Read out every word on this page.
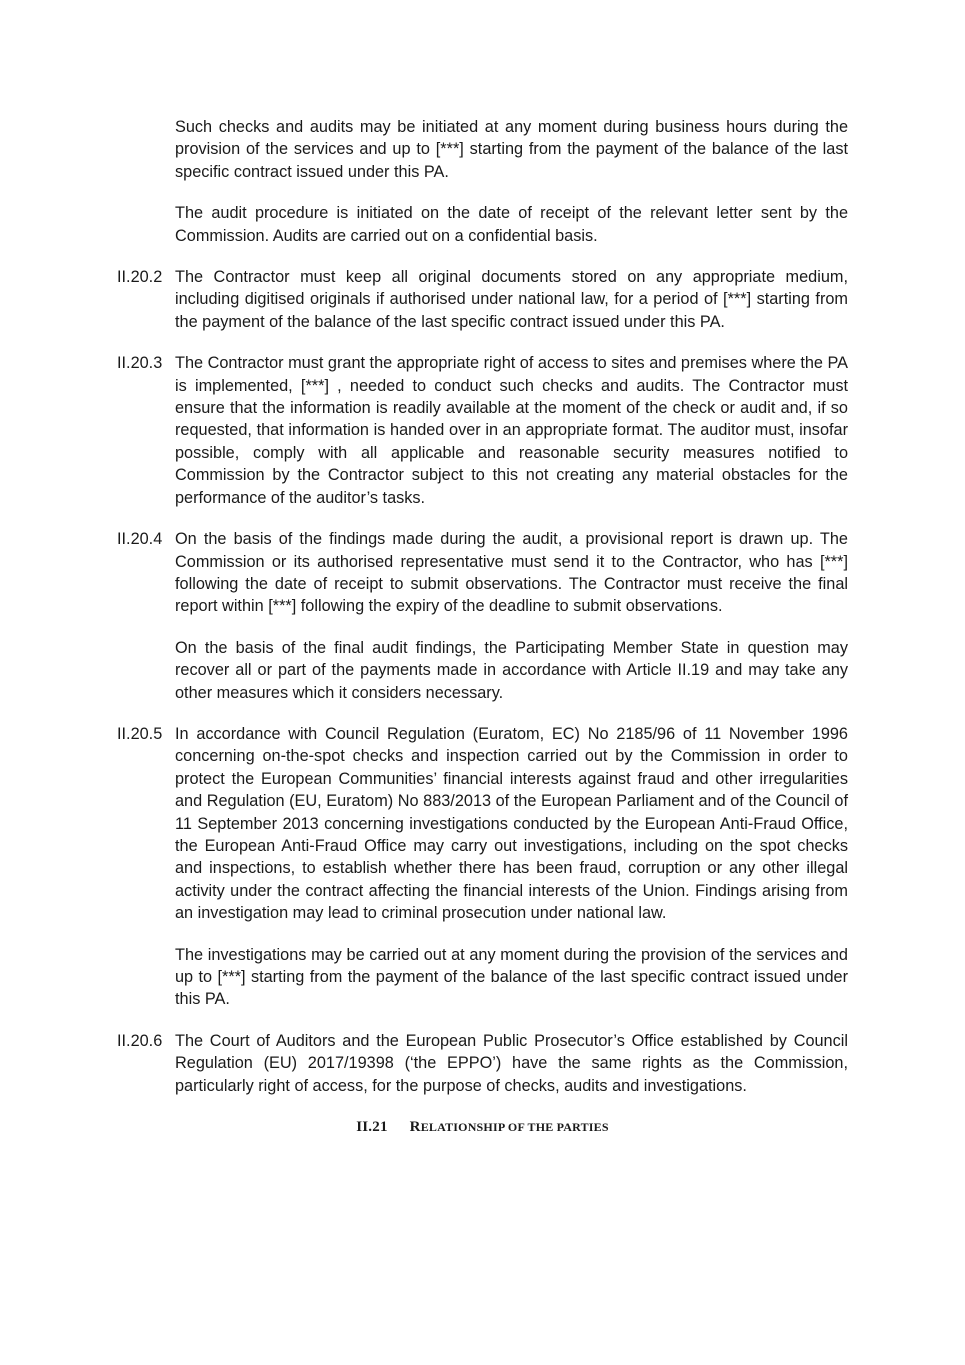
Such checks and audits may be initiated at any moment during business hours during the provision of the services and up to [***] starting from the payment of the balance of the last specific contract issued under this PA.

The audit procedure is initiated on the date of receipt of the relevant letter sent by the Commission. Audits are carried out on a confidential basis.

II.20.2 The Contractor must keep all original documents stored on any appropriate medium, including digitised originals if authorised under national law, for a period of [***] starting from the payment of the balance of the last specific contract issued under this PA.
II.20.3 The Contractor must grant the appropriate right of access to sites and premises where the PA is implemented, [***] , needed to conduct such checks and audits. The Contractor must ensure that the information is readily available at the moment of the check or audit and, if so requested, that information is handed over in an appropriate format. The auditor must, insofar possible, comply with all applicable and reasonable security measures notified to Commission by the Contractor subject to this not creating any material obstacles for the performance of the auditor’s tasks.
II.20.4 On the basis of the findings made during the audit, a provisional report is drawn up. The Commission or its authorised representative must send it to the Contractor, who has [***] following the date of receipt to submit observations. The Contractor must receive the final report within [***] following the expiry of the deadline to submit observations.
On the basis of the final audit findings, the Participating Member State in question may recover all or part of the payments made in accordance with Article II.19 and may take any other measures which it considers necessary.
II.20.5 In accordance with Council Regulation (Euratom, EC) No 2185/96 of 11 November 1996 concerning on-the-spot checks and inspection carried out by the Commission in order to protect the European Communities’ financial interests against fraud and other irregularities and Regulation (EU, Euratom) No 883/2013 of the European Parliament and of the Council of 11 September 2013 concerning investigations conducted by the European Anti-Fraud Office, the European Anti-Fraud Office may carry out investigations, including on the spot checks and inspections, to establish whether there has been fraud, corruption or any other illegal activity under the contract affecting the financial interests of the Union. Findings arising from an investigation may lead to criminal prosecution under national law.
The investigations may be carried out at any moment during the provision of the services and up to [***] starting from the payment of the balance of the last specific contract issued under this PA.
II.20.6 The Court of Auditors and the European Public Prosecutor’s Office established by Council Regulation (EU) 2017/19398 (‘the EPPO’) have the same rights as the Commission, particularly right of access, for the purpose of checks, audits and investigations.
II.21 RELATIONSHIP OF THE PARTIES
